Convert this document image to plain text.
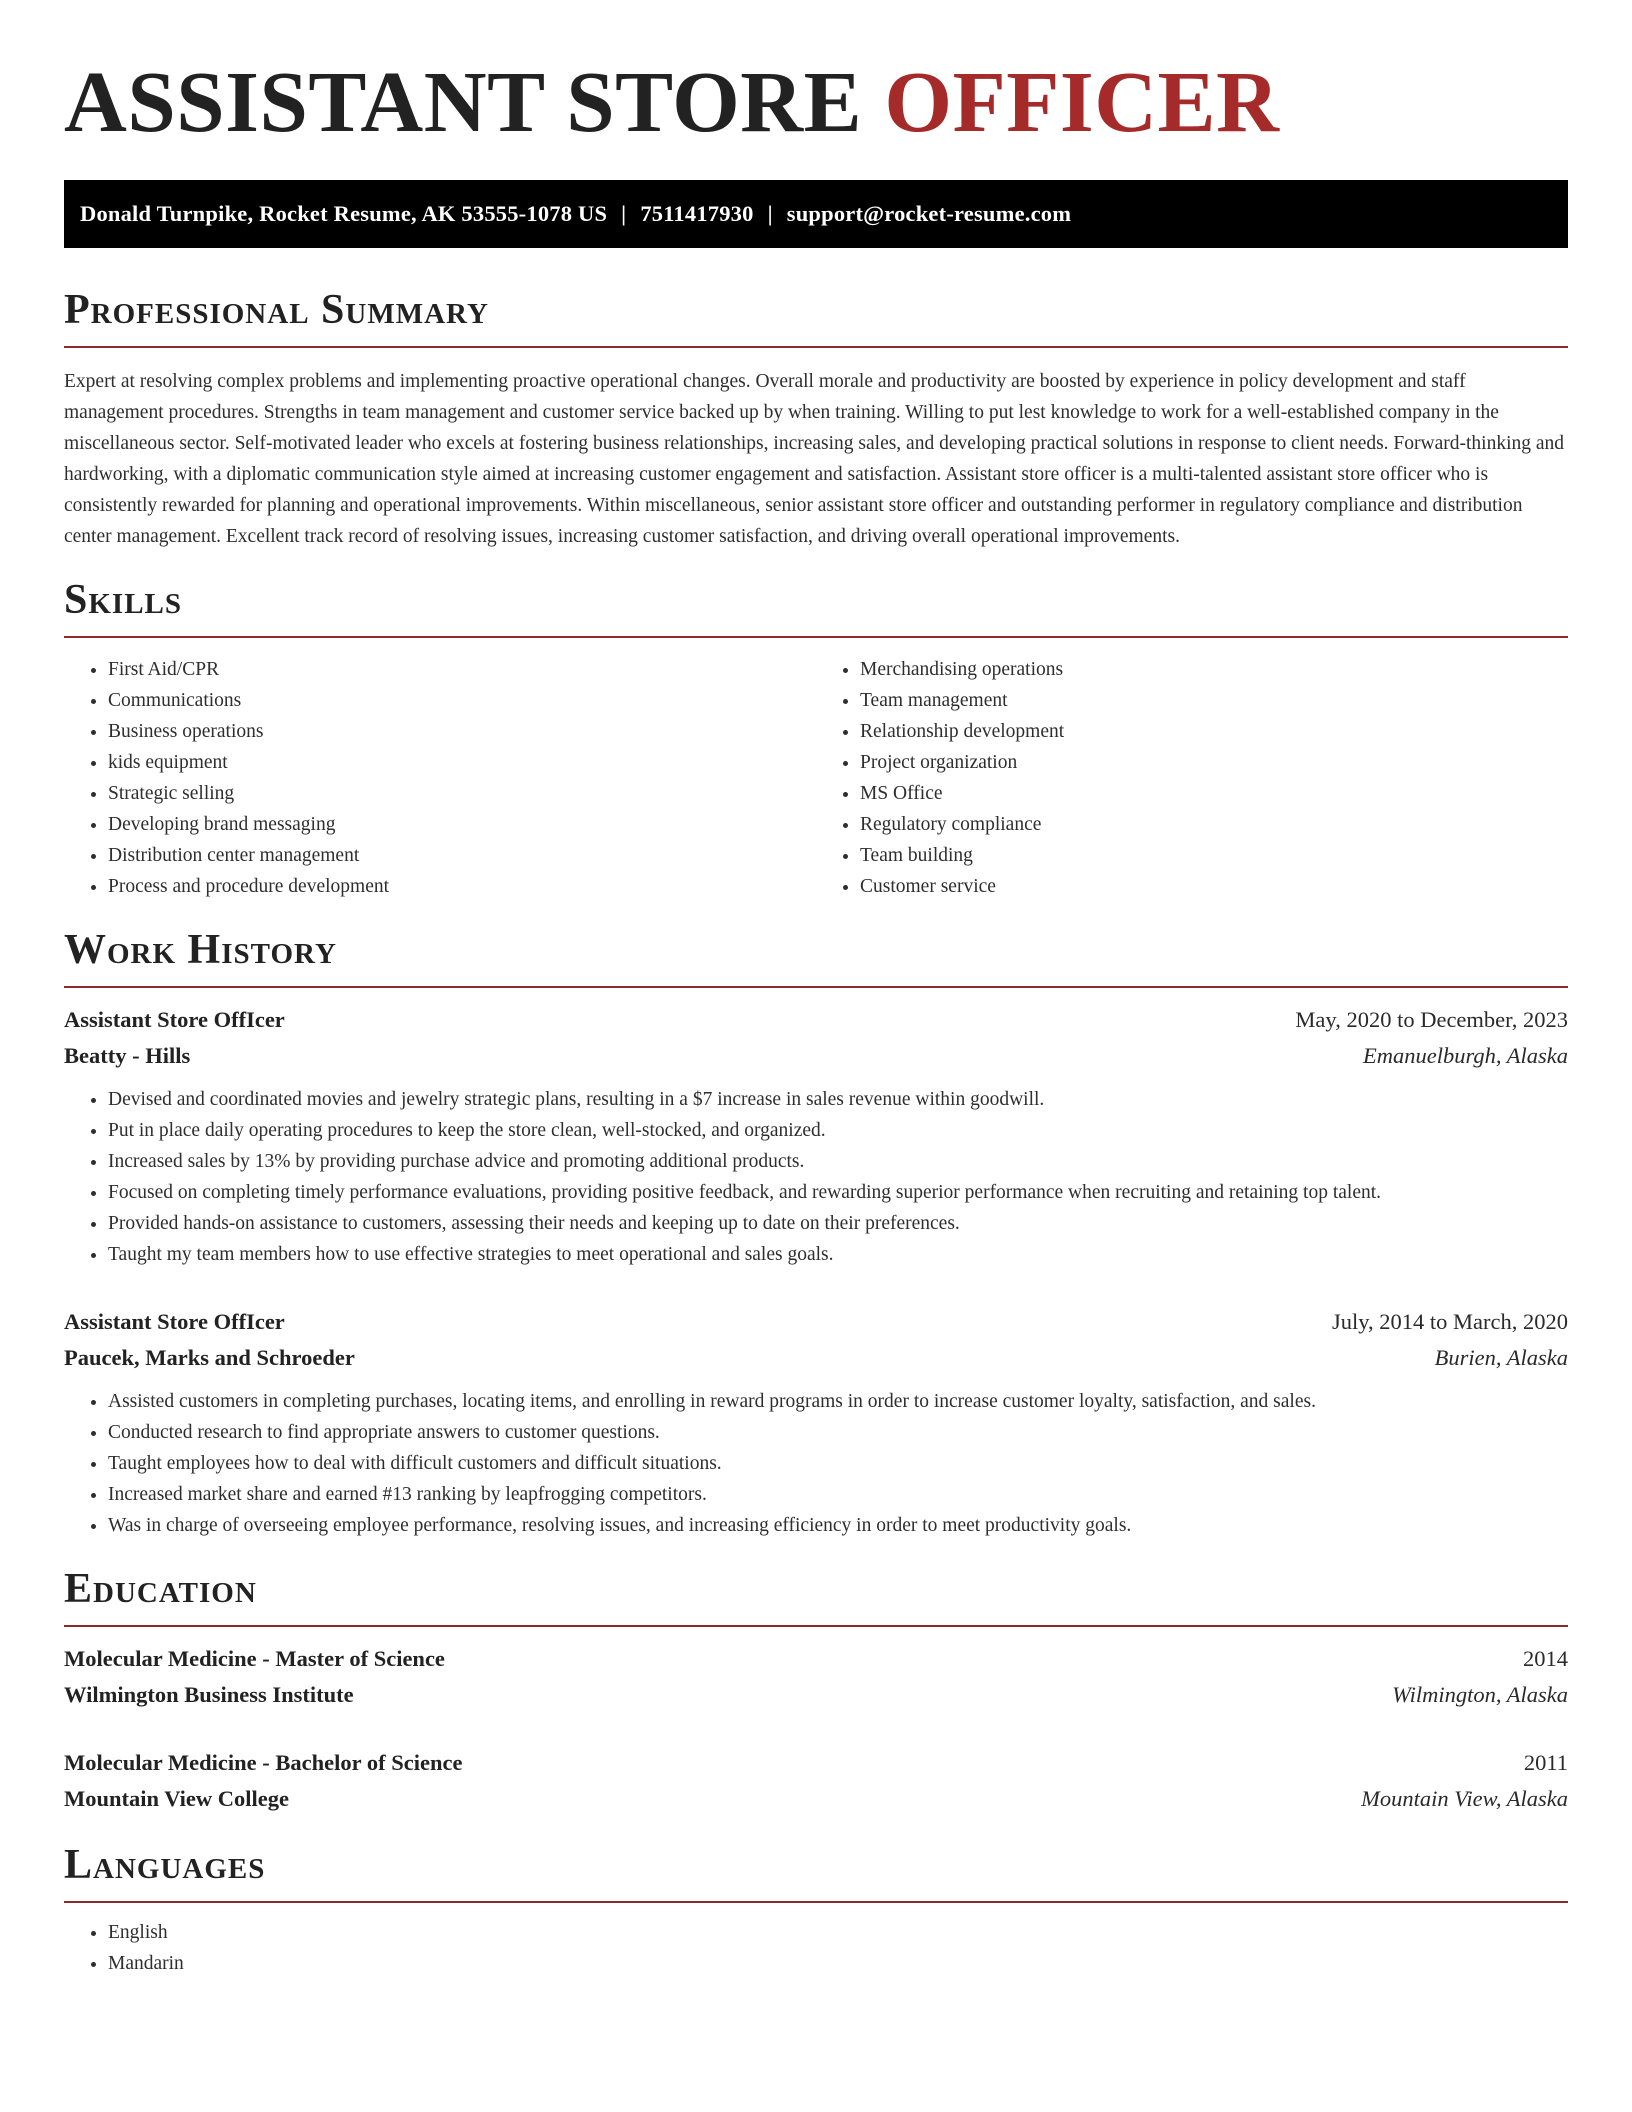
ASSISTANT STORE OFFICER
Donald Turnpike, Rocket Resume, AK 53555-1078 US | 7511417930 | support@rocket-resume.com
Professional Summary

Expert at resolving complex problems and implementing proactive operational changes. Overall morale and productivity are boosted by experience in policy development and staff management procedures. Strengths in team management and customer service backed up by when training. Willing to put lest knowledge to work for a well-established company in the miscellaneous sector. Self-motivated leader who excels at fostering business relationships, increasing sales, and developing practical solutions in response to client needs. Forward-thinking and hardworking, with a diplomatic communication style aimed at increasing customer engagement and satisfaction. Assistant store officer is a multi-talented assistant store officer who is consistently rewarded for planning and operational improvements. Within miscellaneous, senior assistant store officer and outstanding performer in regulatory compliance and distribution center management. Excellent track record of resolving issues, increasing customer satisfaction, and driving overall operational improvements.

Skills
• First Aid/CPR
• Communications
• Business operations
• kids equipment
• Strategic selling
• Developing brand messaging
• Distribution center management
• Process and procedure development
• Merchandising operations
• Team management
• Relationship development
• Project organization
• MS Office
• Regulatory compliance
• Team building
• Customer service
Work History
Assistant Store OffIcer	May, 2020 to December, 2023
Beatty - Hills	Emanuelburgh, Alaska
• Devised and coordinated movies and jewelry strategic plans, resulting in a $7 increase in sales revenue within goodwill.
• Put in place daily operating procedures to keep the store clean, well-stocked, and organized.
• Increased sales by 13% by providing purchase advice and promoting additional products.
• Focused on completing timely performance evaluations, providing positive feedback, and rewarding superior performance when recruiting and retaining top talent.
• Provided hands-on assistance to customers, assessing their needs and keeping up to date on their preferences.
• Taught my team members how to use effective strategies to meet operational and sales goals.
Assistant Store OffIcer	July, 2014 to March, 2020
Paucek, Marks and Schroeder	Burien, Alaska
• Assisted customers in completing purchases, locating items, and enrolling in reward programs in order to increase customer loyalty, satisfaction, and sales.
• Conducted research to find appropriate answers to customer questions.
• Taught employees how to deal with difficult customers and difficult situations.
• Increased market share and earned #13 ranking by leapfrogging competitors.
• Was in charge of overseeing employee performance, resolving issues, and increasing efficiency in order to meet productivity goals.
Education
Molecular Medicine - Master of Science	2014
Wilmington Business Institute	Wilmington, Alaska
Molecular Medicine - Bachelor of Science	2011
Mountain View College	Mountain View, Alaska
Languages
• English
• Mandarin
